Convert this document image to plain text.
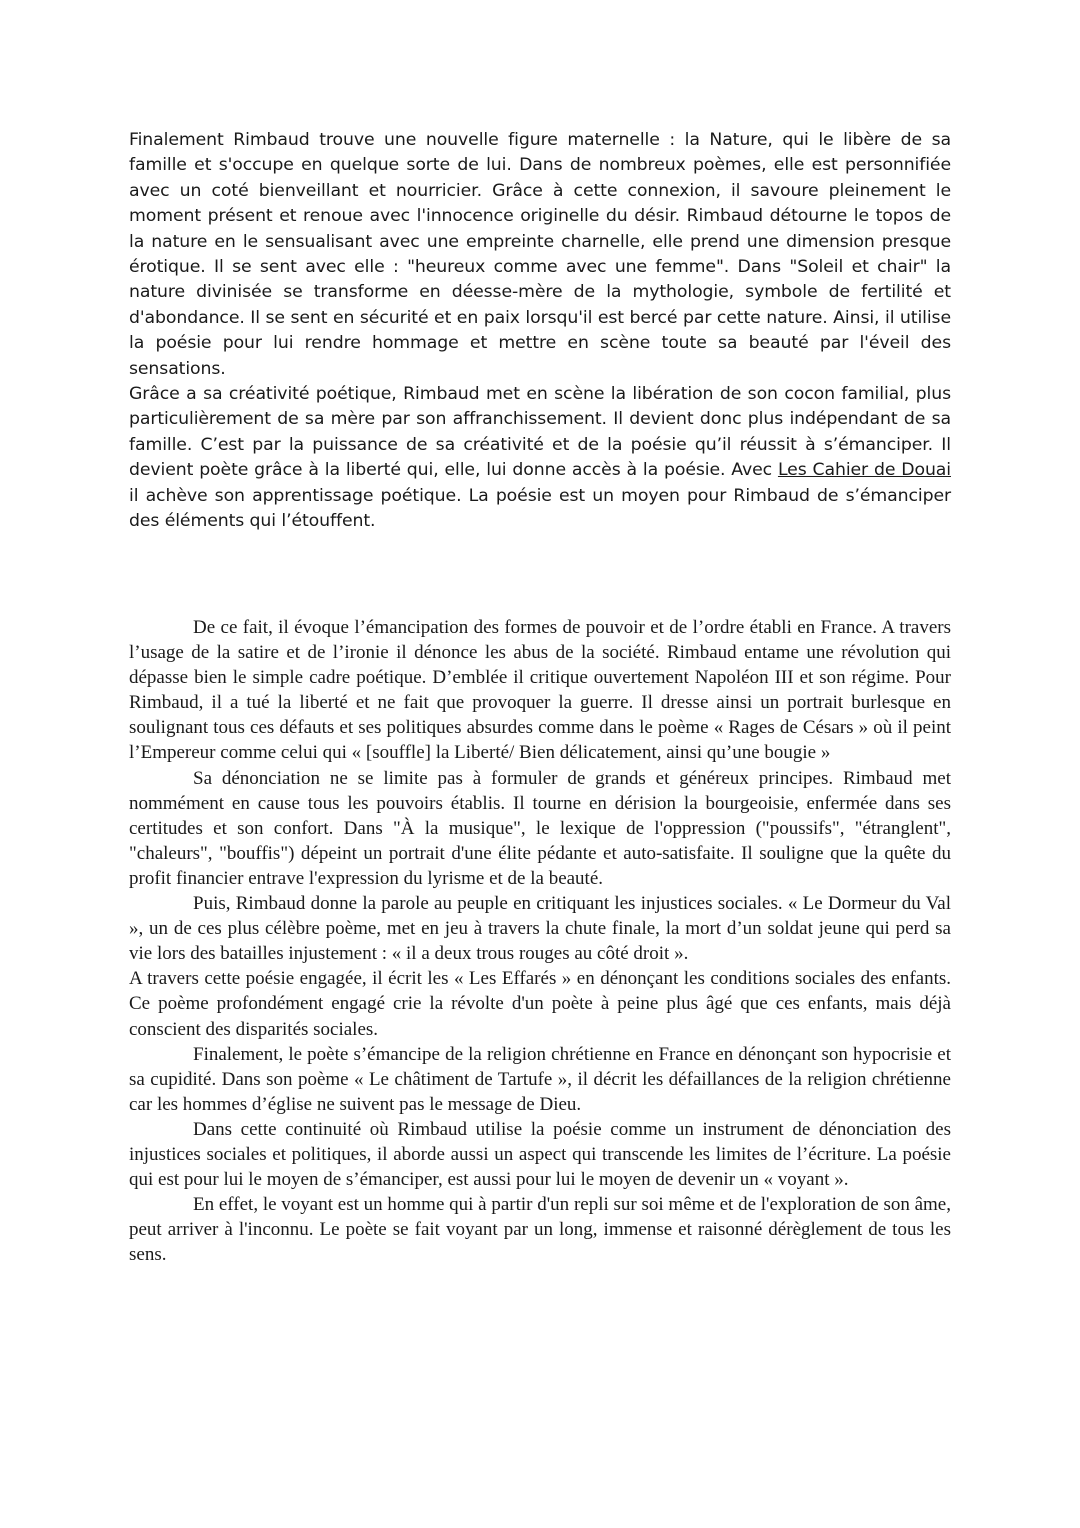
Finalement Rimbaud trouve une nouvelle figure maternelle : la Nature, qui le libère de sa famille et s'occupe en quelque sorte de lui. Dans de nombreux poèmes, elle est personnifiée avec un coté bienveillant et nourricier. Grâce à cette connexion, il savoure pleinement le moment présent et renoue avec l'innocence originelle du désir. Rimbaud détourne le topos de la nature en le sensualisant avec une empreinte charnelle, elle prend une dimension presque érotique. Il se sent avec elle : "heureux comme avec une femme". Dans "Soleil et chair" la nature divinisée se transforme en déesse-mère de la mythologie, symbole de fertilité et d'abondance. Il se sent en sécurité et en paix lorsqu'il est bercé par cette nature. Ainsi, il utilise la poésie pour lui rendre hommage et mettre en scène toute sa beauté par l'éveil des sensations.

Grâce a sa créativité poétique, Rimbaud met en scène la libération de son cocon familial, plus particulièrement de sa mère par son affranchissement. Il devient donc plus indépendant de sa famille. C’est par la puissance de sa créativité et de la poésie qu’il réussit à s’émanciper. Il devient poète grâce à la liberté qui, elle, lui donne accès à la poésie. Avec Les Cahier de Douai il achève son apprentissage poétique. La poésie est un moyen pour Rimbaud de s’émanciper des éléments qui l’étouffent.

De ce fait, il évoque l’émancipation des formes de pouvoir et de l’ordre établi en France. A travers l’usage de la satire et de l’ironie il dénonce les abus de la société. Rimbaud entame une révolution qui dépasse bien le simple cadre poétique. D’emblée il critique ouvertement Napoléon III et son régime. Pour Rimbaud, il a tué la liberté et ne fait que provoquer la guerre. Il dresse ainsi un portrait burlesque en soulignant tous ces défauts et ses politiques absurdes comme dans le poème « Rages de Césars » où il peint l’Empereur comme celui qui « [souffle] la Liberté/ Bien délicatement, ainsi qu’une bougie »

Sa dénonciation ne se limite pas à formuler de grands et généreux principes. Rimbaud met nommément en cause tous les pouvoirs établis. Il tourne en dérision la bourgeoisie, enfermée dans ses certitudes et son confort. Dans "À la musique", le lexique de l'oppression ("poussifs", "étranglent", "chaleurs", "bouffis") dépeint un portrait d'une élite pédante et auto-satisfaite. Il souligne que la quête du profit financier entrave l'expression du lyrisme et de la beauté.

Puis, Rimbaud donne la parole au peuple en critiquant les injustices sociales. « Le Dormeur du Val », un de ces plus célèbre poème, met en jeu à travers la chute finale, la mort d’un soldat jeune qui perd sa vie lors des batailles injustement : « il a deux trous rouges au côté droit ».

A travers cette poésie engagée, il écrit les « Les Effarés » en dénonçant les conditions sociales des enfants. Ce poème profondément engagé crie la révolte d'un poète à peine plus âgé que ces enfants, mais déjà conscient des disparités sociales.

Finalement, le poète s’émancipe de la religion chrétienne en France en dénonçant son hypocrisie et sa cupidité. Dans son poème « Le châtiment de Tartufe », il décrit les défaillances de la religion chrétienne car les hommes d’église ne suivent pas le message de Dieu.

Dans cette continuité où Rimbaud utilise la poésie comme un instrument de dénonciation des injustices sociales et politiques, il aborde aussi un aspect qui transcende les limites de l’écriture. La poésie qui est pour lui le moyen de s’émanciper, est aussi pour lui le moyen de devenir un « voyant ».

En effet, le voyant est un homme qui à partir d'un repli sur soi même et de l'exploration de son âme, peut arriver à l'inconnu. Le poète se fait voyant par un long, immense et raisonné dérèglement de tous les sens.
